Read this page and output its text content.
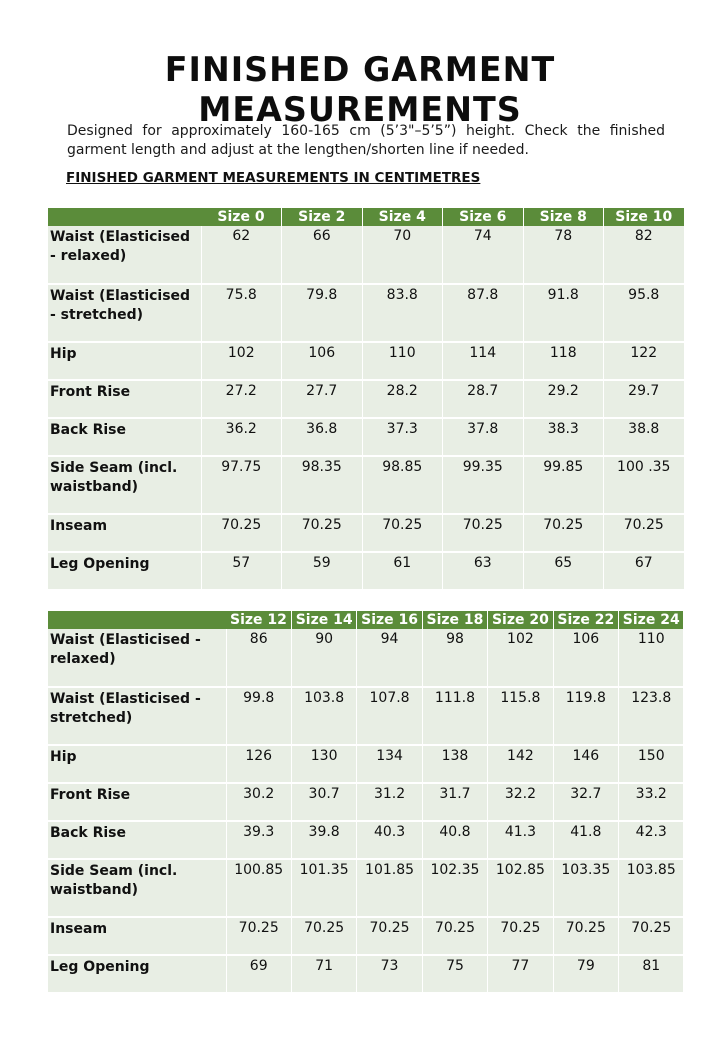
FINISHED GARMENT MEASUREMENTS
Designed for approximately 160-165 cm (5’3"–5’5”) height. Check the finished garment length and adjust at the lengthen/shorten line if needed.
FINISHED GARMENT MEASUREMENTS IN CENTIMETRES
	Size 0	Size 2	Size 4	Size 6	Size 8	Size 10
Waist (Elasticised - relaxed)	62	66	70	74	78	82
Waist (Elasticised - stretched)	75.8	79.8	83.8	87.8	91.8	95.8
Hip	102	106	110	114	118	122
Front Rise	27.2	27.7	28.2	28.7	29.2	29.7
Back Rise	36.2	36.8	37.3	37.8	38.3	38.8
Side Seam (incl. waistband)	97.75	98.35	98.85	99.35	99.85	100 .35
Inseam	70.25	70.25	70.25	70.25	70.25	70.25
Leg Opening	57	59	61	63	65	67
	Size 12	Size 14	Size 16	Size 18	Size 20	Size 22	Size 24
Waist (Elasticised - relaxed)	86	90	94	98	102	106	110
Waist (Elasticised - stretched)	99.8	103.8	107.8	111.8	115.8	119.8	123.8
Hip	126	130	134	138	142	146	150
Front Rise	30.2	30.7	31.2	31.7	32.2	32.7	33.2
Back Rise	39.3	39.8	40.3	40.8	41.3	41.8	42.3
Side Seam (incl. waistband)	100.85	101.35	101.85	102.35	102.85	103.35	103.85
Inseam	70.25	70.25	70.25	70.25	70.25	70.25	70.25
Leg Opening	69	71	73	75	77	79	81
